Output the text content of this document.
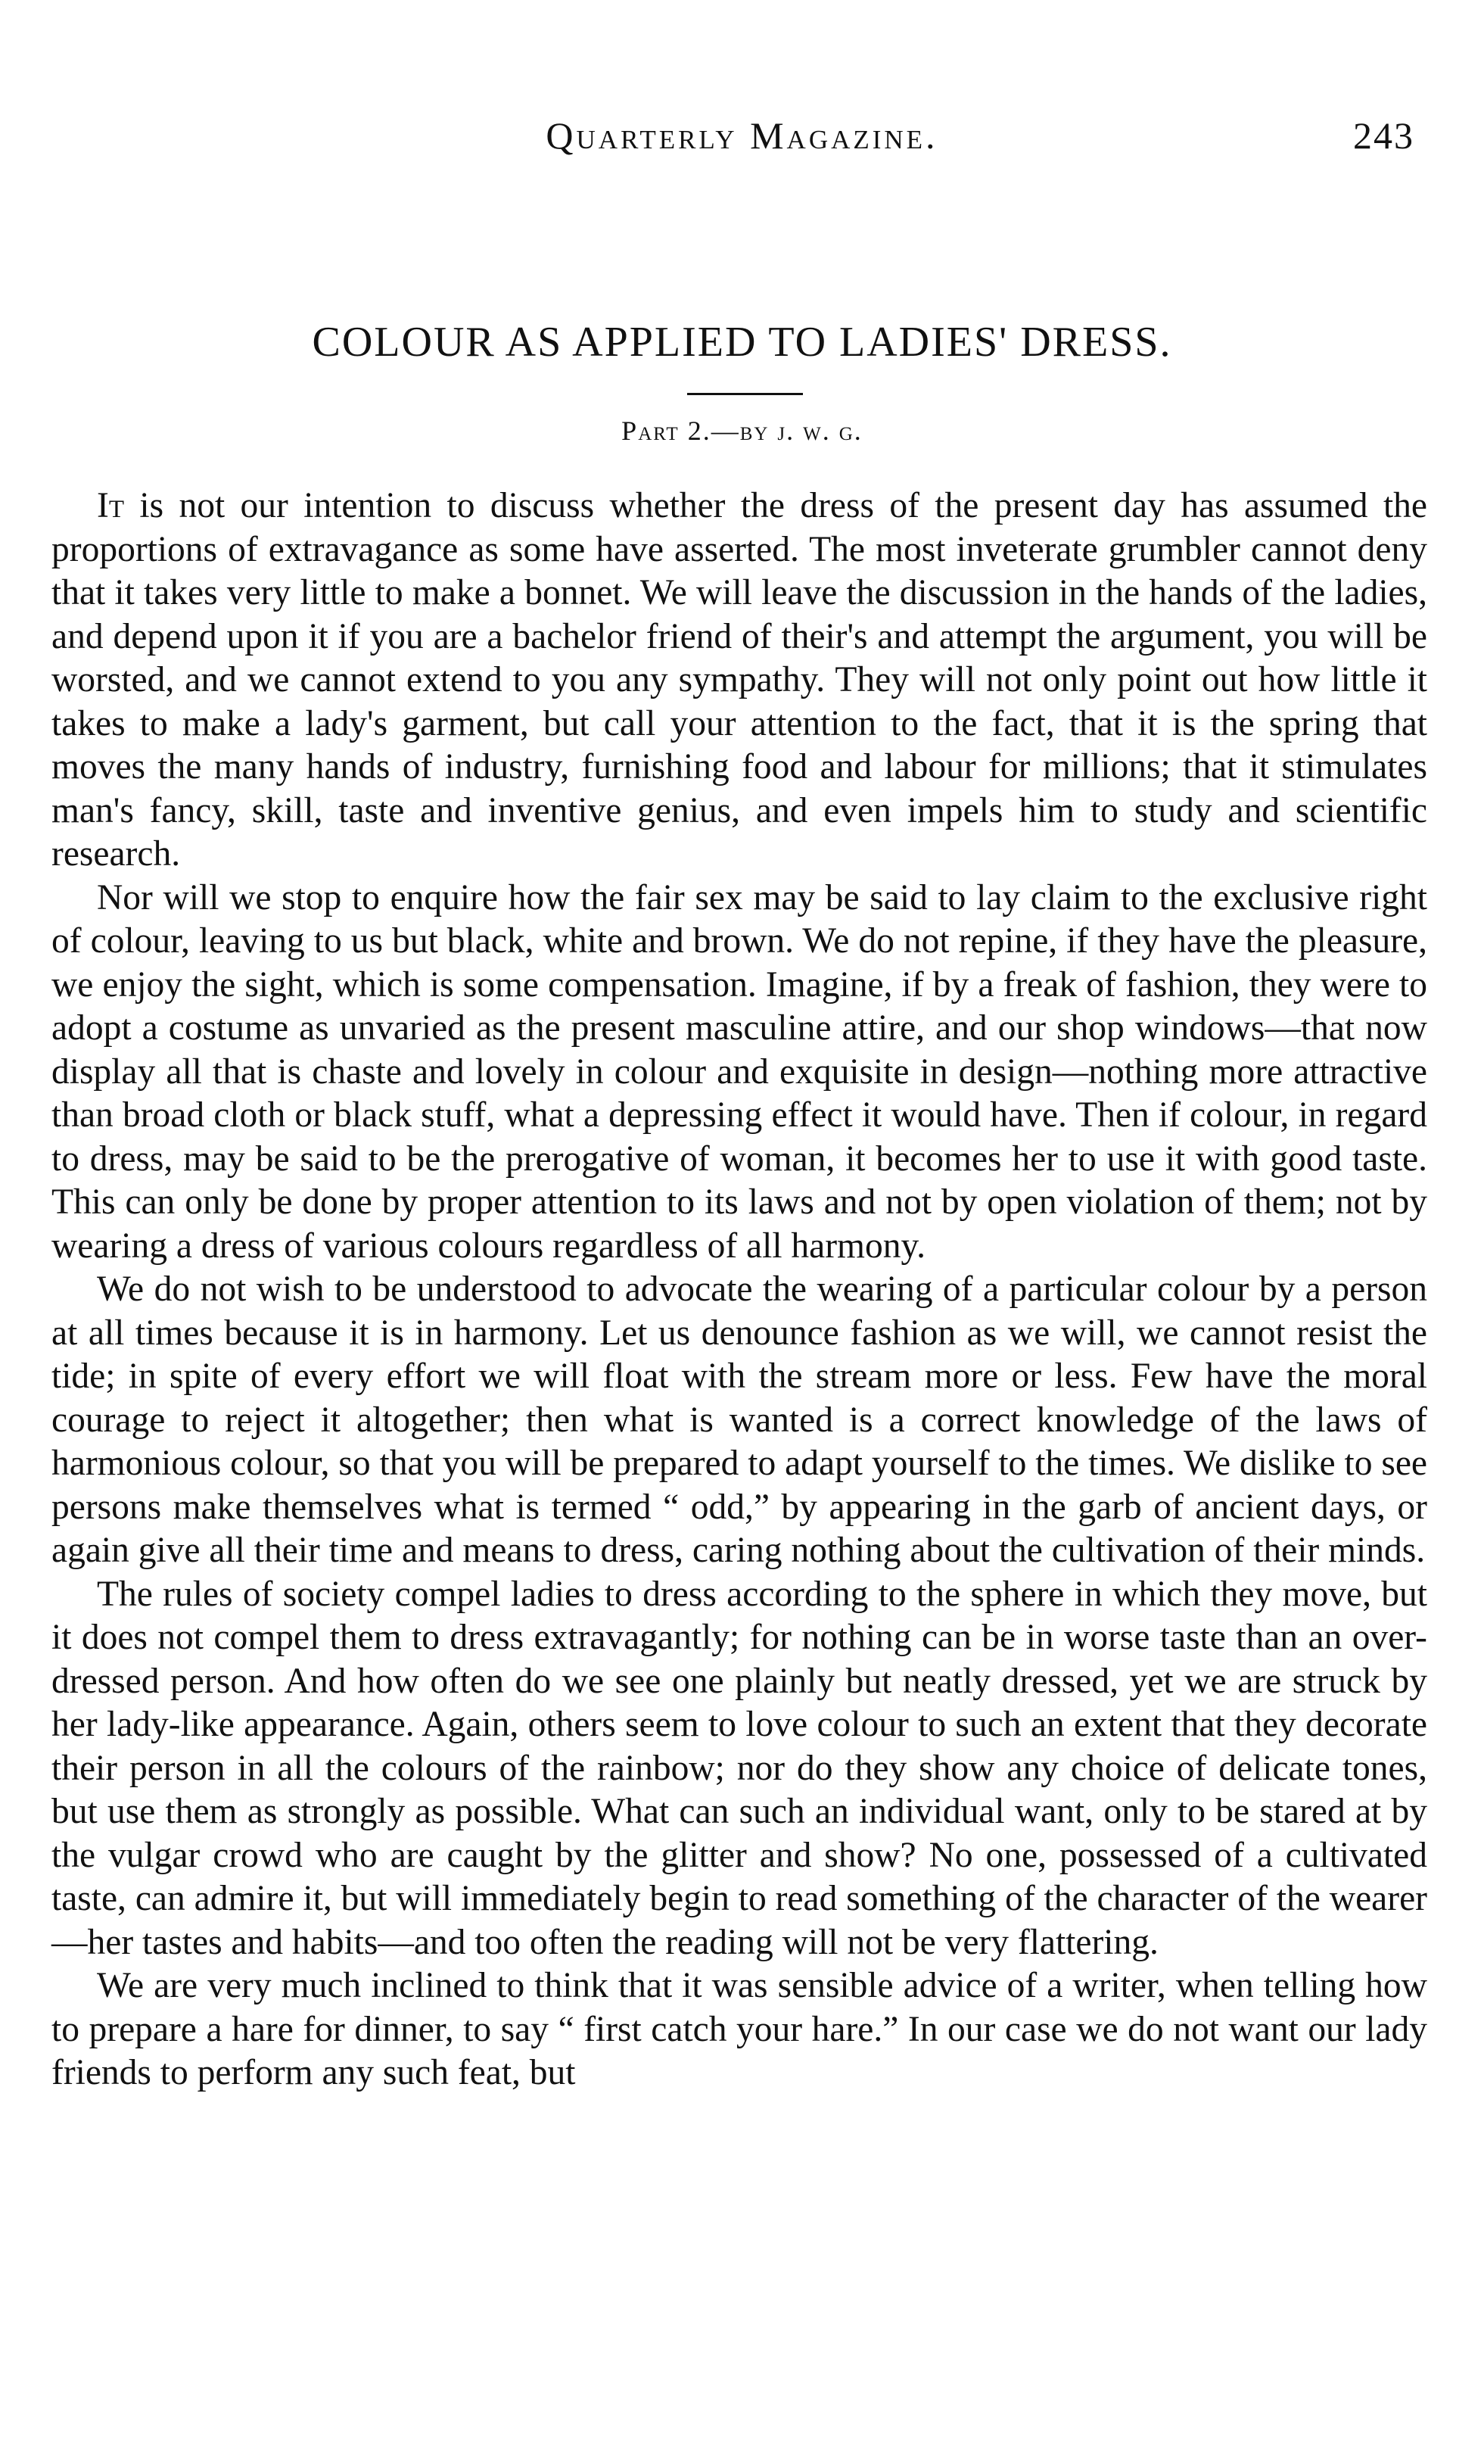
Quarterly Magazine.	243
COLOUR AS APPLIED TO LADIES' DRESS.
Part 2.—by j. w. g.

It is not our intention to discuss whether the dress of the present day has assumed the proportions of extravagance as some have asserted. The most inveterate grumbler cannot deny that it takes very little to make a bonnet. We will leave the discussion in the hands of the ladies, and depend upon it if you are a bachelor friend of their's and attempt the argument, you will be worsted, and we cannot extend to you any sympathy. They will not only point out how little it takes to make a lady's garment, but call your attention to the fact, that it is the spring that moves the many hands of industry, furnishing food and labour for millions; that it stimulates man's fancy, skill, taste and inventive genius, and even impels him to study and scientific research.

Nor will we stop to enquire how the fair sex may be said to lay claim to the exclusive right of colour, leaving to us but black, white and brown. We do not repine, if they have the pleasure, we enjoy the sight, which is some compensation. Imagine, if by a freak of fashion, they were to adopt a costume as unvaried as the present masculine attire, and our shop windows—that now display all that is chaste and lovely in colour and exquisite in design—nothing more attractive than broad cloth or black stuff, what a depressing effect it would have. Then if colour, in regard to dress, may be said to be the prerogative of woman, it becomes her to use it with good taste. This can only be done by proper attention to its laws and not by open violation of them; not by wearing a dress of various colours regardless of all harmony.

We do not wish to be understood to advocate the wearing of a particular colour by a person at all times because it is in harmony. Let us denounce fashion as we will, we cannot resist the tide; in spite of every effort we will float with the stream more or less. Few have the moral courage to reject it altogether; then what is wanted is a correct knowledge of the laws of harmonious colour, so that you will be prepared to adapt yourself to the times. We dislike to see persons make themselves what is termed “ odd,” by appearing in the garb of ancient days, or again give all their time and means to dress, caring nothing about the cultivation of their minds.

The rules of society compel ladies to dress according to the sphere in which they move, but it does not compel them to dress extravagantly; for nothing can be in worse taste than an over-dressed person. And how often do we see one plainly but neatly dressed, yet we are struck by her lady-like appearance. Again, others seem to love colour to such an extent that they decorate their person in all the colours of the rainbow; nor do they show any choice of delicate tones, but use them as strongly as possible. What can such an individual want, only to be stared at by the vulgar crowd who are caught by the glitter and show? No one, possessed of a cultivated taste, can admire it, but will immediately begin to read something of the character of the wearer—her tastes and habits—and too often the reading will not be very flattering.

We are very much inclined to think that it was sensible advice of a writer, when telling how to prepare a hare for dinner, to say “ first catch your hare.” In our case we do not want our lady friends to perform any such feat, but
